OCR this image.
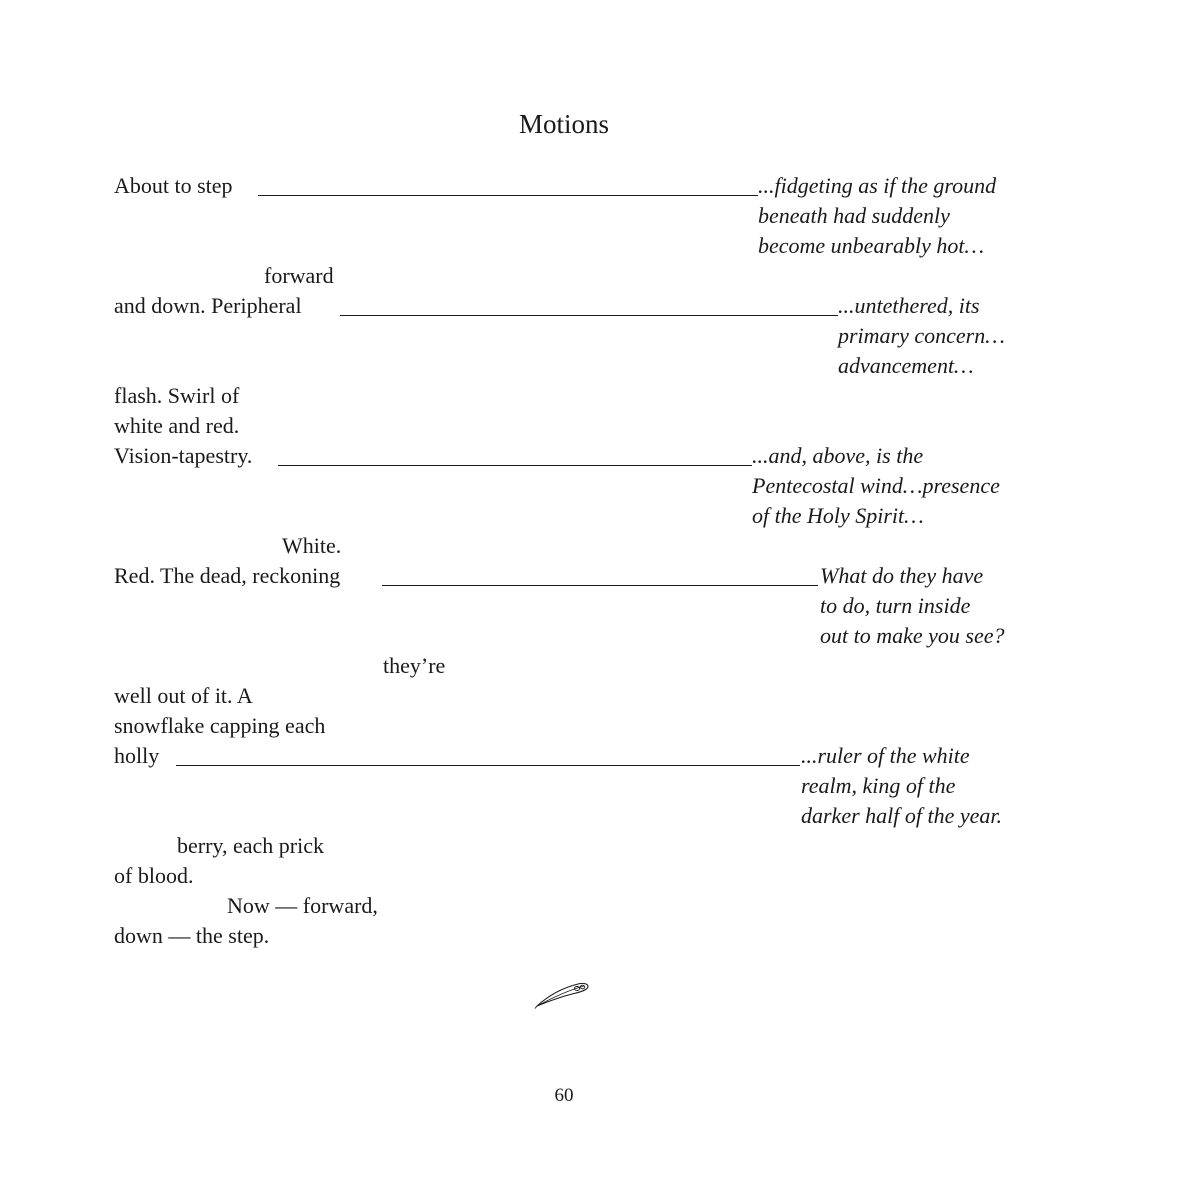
Motions
About to step	...fidgeting as if the ground
beneath had suddenly
become unbearably hot…
forward
and down. Peripheral	...untethered, its
primary concern…
advancement…
flash. Swirl of
white and red.
Vision-tapestry.	...and, above, is the
Pentecostal wind…presence
of the Holy Spirit…
White.
Red. The dead, reckoning	What do they have
to do, turn inside
out to make you see?
they’re
well out of it. A
snowflake capping each
holly	...ruler of the white
realm, king of the
darker half of the year.
berry, each prick
of blood.
Now — forward,
down — the step.
60
